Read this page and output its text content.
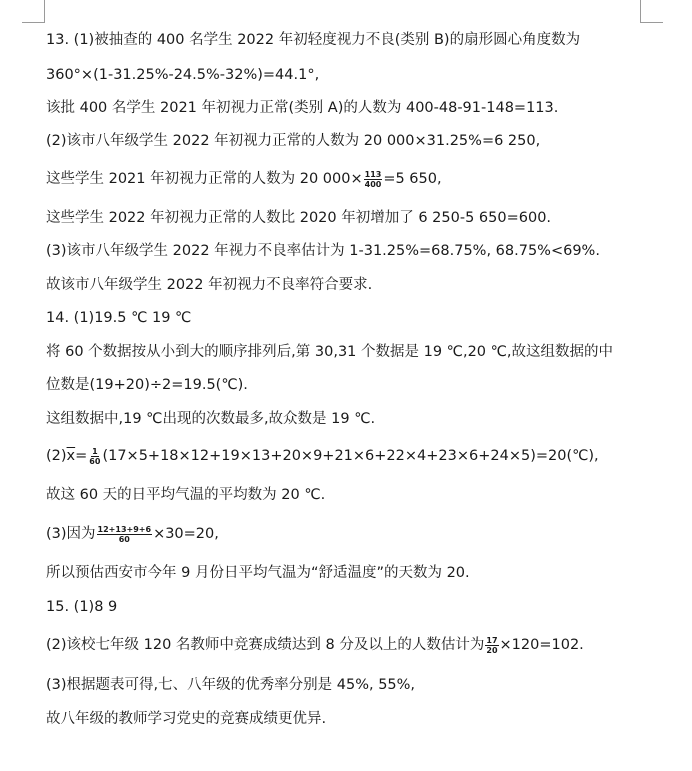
13. (1)被抽查的 400 名学生 2022 年初轻度视力不良(类别 B)的扇形圆心角度数为
360°×(1-31.25%-24.5%-32%)=44.1°,
该批 400 名学生 2021 年初视力正常(类别 A)的人数为 400-48-91-148=113.
(2)该市八年级学生 2022 年初视力正常的人数为 20 000×31.25%=6 250,
这些学生 2021 年初视力正常的人数为 20 $000\times \frac{113}{400} =5$ 650,
这些学生 2022 年初视力正常的人数比 2020 年初增加了 6 250-5 650=600.
(3)该市八年级学生 2022 年视力不良率估计为 1-31.25%=68.75%, 68.75%<69%.
故该市八年级学生 2022 年初视力不良率符合要求.
14. (1)19.5 ℃ 19 ℃
将 60 个数据按从小到大的顺序排列后,第 30,31 个数据是 19 ℃,20 ℃,故这组数据的中
位数是(19+20)÷2=19.5(℃).
这组数据中,19 ℃出现的次数最多,故众数是 19 ℃.
$(2)\overline{x}= \frac{1}{60}$ (17×5+18×12+19×13+20×9+21×6+22×4+23×6+24×5)=20(℃),
故这 60 天的日平均气温的平均数为 20 ℃.
(3)因为 $\frac{12+13+9+6}{60} \times 30=20$,
所以预估西安市今年 9 月份日平均气温为“舒适温度”的天数为 20.
15. (1)8 9
(2)该校七年级 120 名教师中竞赛成绩达到 8 分及以上的人数估计为 $\frac{17}{20} \times 120=102$.
(3)根据题表可得,七、八年级的优秀率分别是 45%, 55%,
故八年级的教师学习党史的竞赛成绩更优异.
